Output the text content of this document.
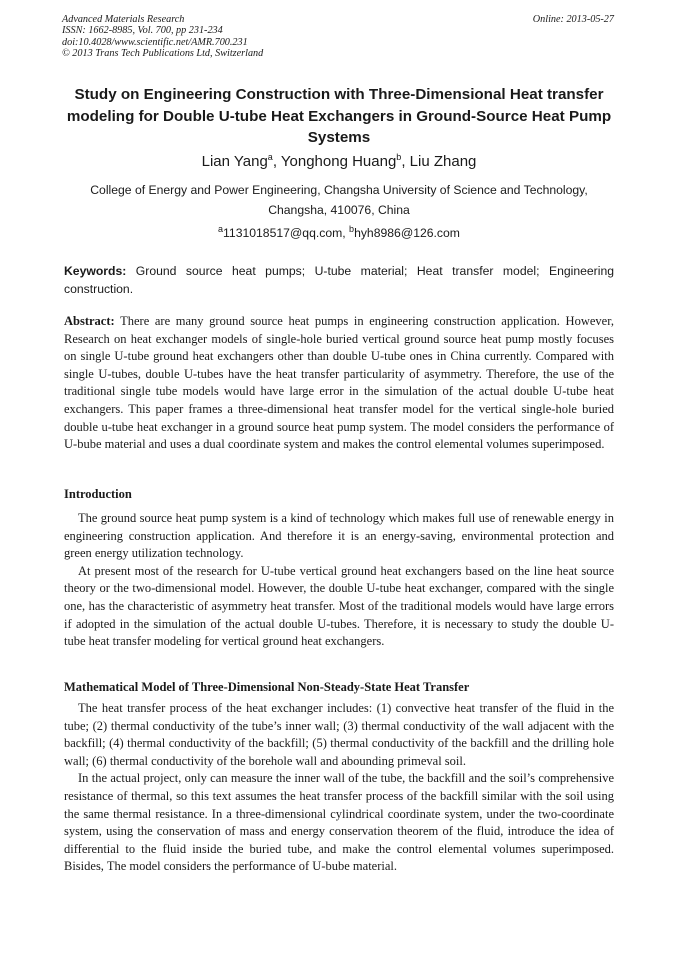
Advanced Materials Research
ISSN: 1662-8985, Vol. 700, pp 231-234
doi:10.4028/www.scientific.net/AMR.700.231
© 2013 Trans Tech Publications Ltd, Switzerland
Online: 2013-05-27
Study on Engineering Construction with Three-Dimensional Heat transfer modeling for Double U-tube Heat Exchangers in Ground-Source Heat Pump Systems
Lian Yang$^a$, Yonghong Huang$^b$, Liu Zhang
College of Energy and Power Engineering, Changsha University of Science and Technology, Changsha, 410076, China
$^a$1131018517@qq.com, $^b$hyh8986@126.com
Keywords: Ground source heat pumps; U-tube material; Heat transfer model; Engineering construction.
Abstract: There are many ground source heat pumps in engineering construction application. However, Research on heat exchanger models of single-hole buried vertical ground source heat pump mostly focuses on single U-tube ground heat exchangers other than double U-tube ones in China currently. Compared with single U-tubes, double U-tubes have the heat transfer particularity of asymmetry. Therefore, the use of the traditional single tube models would have large error in the simulation of the actual double U-tube heat exchangers. This paper frames a three-dimensional heat transfer model for the vertical single-hole buried double u-tube heat exchanger in a ground source heat pump system. The model considers the performance of U-bube material and uses a dual coordinate system and makes the control elemental volumes superimposed.
Introduction

The ground source heat pump system is a kind of technology which makes full use of renewable energy in engineering construction application. And therefore it is an energy-saving, environmental protection and green energy utilization technology.

At present most of the research for U-tube vertical ground heat exchangers based on the line heat source theory or the two-dimensional model. However, the double U-tube heat exchanger, compared with the single one, has the characteristic of asymmetry heat transfer. Most of the traditional models would have large errors if adopted in the simulation of the actual double U-tubes. Therefore, it is necessary to study the double U-tube heat transfer modeling for vertical ground heat exchangers.

Mathematical Model of Three-Dimensional Non-Steady-State Heat Transfer

The heat transfer process of the heat exchanger includes: (1) convective heat transfer of the fluid in the tube; (2) thermal conductivity of the tube’s inner wall; (3) thermal conductivity of the wall adjacent with the backfill; (4) thermal conductivity of the backfill; (5) thermal conductivity of the backfill and the drilling hole wall; (6) thermal conductivity of the borehole wall and abounding primeval soil.

In the actual project, only can measure the inner wall of the tube, the backfill and the soil’s comprehensive resistance of thermal, so this text assumes the heat transfer process of the backfill similar with the soil using the same thermal resistance. In a three-dimensional cylindrical coordinate system, under the two-coordinate system, using the conservation of mass and energy conservation theorem of the fluid, introduce the idea of differential to the fluid inside the buried tube, and make the control elemental volumes superimposed. Bisides, The model considers the performance of U-bube material.
